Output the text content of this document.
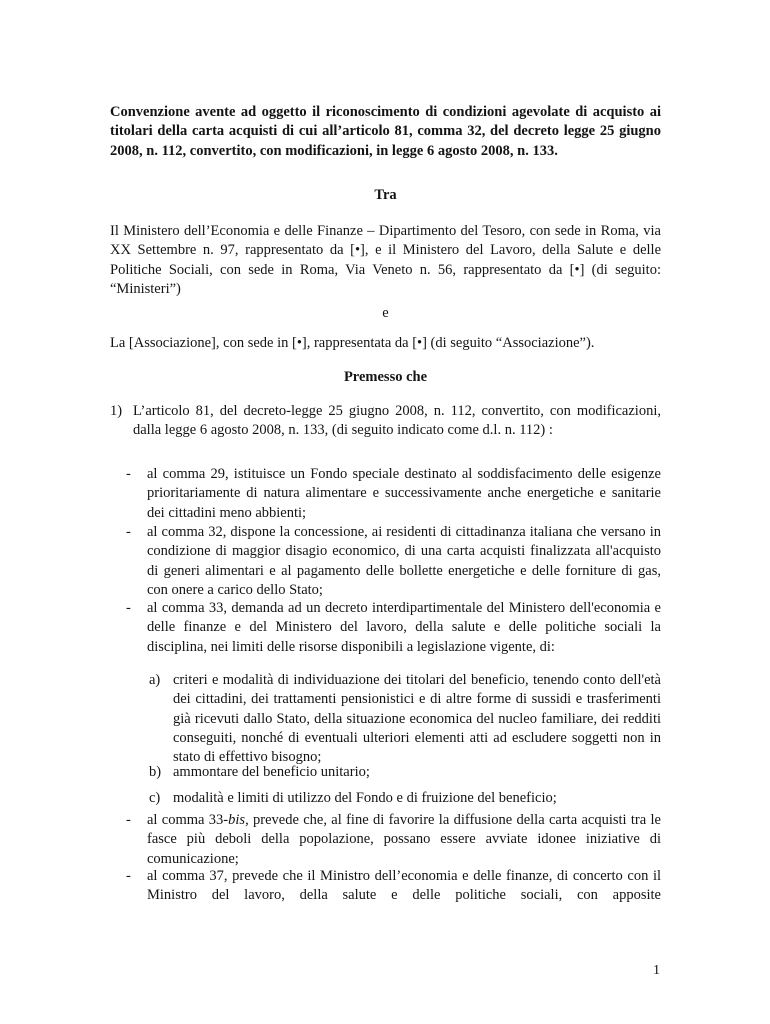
Convenzione avente ad oggetto il riconoscimento di condizioni agevolate di acquisto ai titolari della carta acquisti di cui all’articolo 81, comma 32, del decreto legge 25 giugno 2008, n. 112, convertito, con modificazioni, in legge 6 agosto 2008, n. 133.
Tra
Il Ministero dell’Economia e delle Finanze – Dipartimento del Tesoro, con sede in Roma, via XX Settembre n. 97, rappresentato da [•], e il Ministero del Lavoro, della Salute e delle Politiche Sociali, con sede in Roma, Via Veneto n. 56, rappresentato da [•] (di seguito: “Ministeri”)
e
La [Associazione], con sede in [•], rappresentata da [•] (di seguito “Associazione”).
Premesso che
1) L’articolo 81, del decreto-legge 25 giugno 2008, n. 112, convertito, con modificazioni, dalla legge 6 agosto 2008, n. 133, (di seguito indicato come d.l. n. 112) :
- al comma 29, istituisce un Fondo speciale destinato al soddisfacimento delle esigenze prioritariamente di natura alimentare e successivamente anche energetiche e sanitarie dei cittadini meno abbienti;
- al comma 32, dispone la concessione, ai residenti di cittadinanza italiana che versano in condizione di maggior disagio economico, di una carta acquisti finalizzata all'acquisto di generi alimentari e al pagamento delle bollette energetiche e delle forniture di gas, con onere a carico dello Stato;
- al comma 33, demanda ad un decreto interdipartimentale del Ministero dell'economia e delle finanze e del Ministero del lavoro, della salute e delle politiche sociali la disciplina, nei limiti delle risorse disponibili a legislazione vigente, di:
a) criteri e modalità di individuazione dei titolari del beneficio, tenendo conto dell'età dei cittadini, dei trattamenti pensionistici e di altre forme di sussidi e trasferimenti già ricevuti dallo Stato, della situazione economica del nucleo familiare, dei redditi conseguiti, nonché di eventuali ulteriori elementi atti ad escludere soggetti non in stato di effettivo bisogno;
b) ammontare del beneficio unitario;
c) modalità e limiti di utilizzo del Fondo e di fruizione del beneficio;
- al comma 33-bis, prevede che, al fine di favorire la diffusione della carta acquisti tra le fasce più deboli della popolazione, possano essere avviate idonee iniziative di comunicazione;
- al comma 37, prevede che il Ministro dell’economia e delle finanze, di concerto con il Ministro del lavoro, della salute e delle politiche sociali, con apposite
1
